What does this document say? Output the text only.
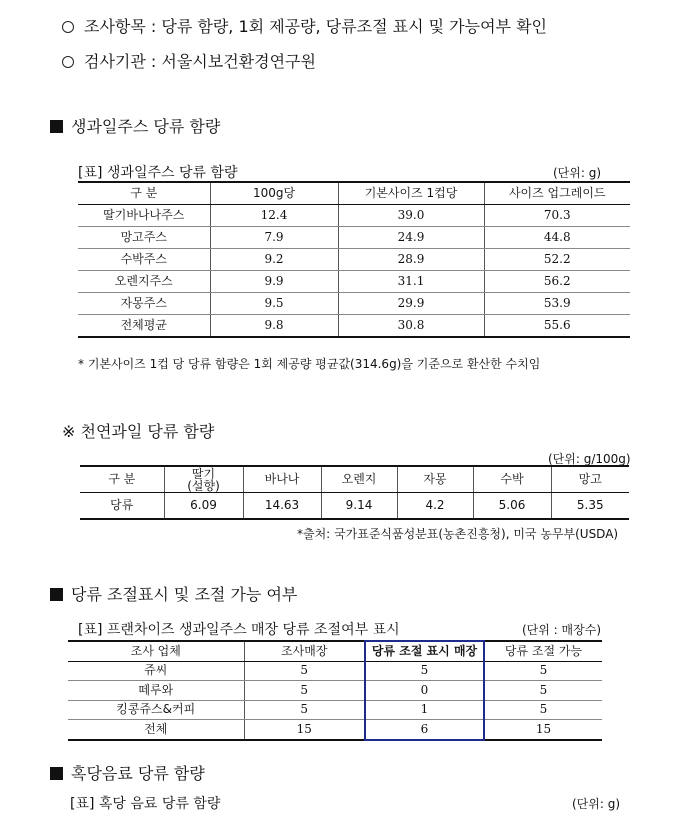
조사항목 : 당류 함량, 1회 제공량, 당류조절 표시 및 가능여부 확인
검사기관 : 서울시보건환경연구원
생과일주스 당류 함량
[표] 생과일주스 당류 함량	(단위: g)
구 분	100g당	기본사이즈 1컵당	사이즈 업그레이드
딸기바나나주스	12.4	39.0	70.3
망고주스	7.9	24.9	44.8
수박주스	9.2	28.9	52.2
오렌지주스	9.9	31.1	56.2
자몽주스	9.5	29.9	53.9
전체평균	9.8	30.8	55.6
* 기본사이즈 1컵 당 당류 함량은 1회 제공량 평균값(314.6g)을 기준으로 환산한 수치임
※ 천연과일 당류 함량
(단위: g/100g)
구 분	딸기
(설향)	바나나	오렌지	자몽	수박	망고
당류	6.09	14.63	9.14	4.2	5.06	5.35
*출처: 국가표준식품성분표(농촌진흥청), 미국 농무부(USDA)
당류 조절표시 및 조절 가능 여부
[표] 프랜차이즈 생과일주스 매장 당류 조절여부 표시	(단위 : 매장수)
조사 업체	조사매장	당류 조절 표시 매장	당류 조절 가능
쥬씨	5	5	5
떼루와	5	0	5
킹콩쥬스&커피	5	1	5
전체	15	6	15
혹당음료 당류 함량
[표] 혹당 음료 당류 함량	(단위: g)
